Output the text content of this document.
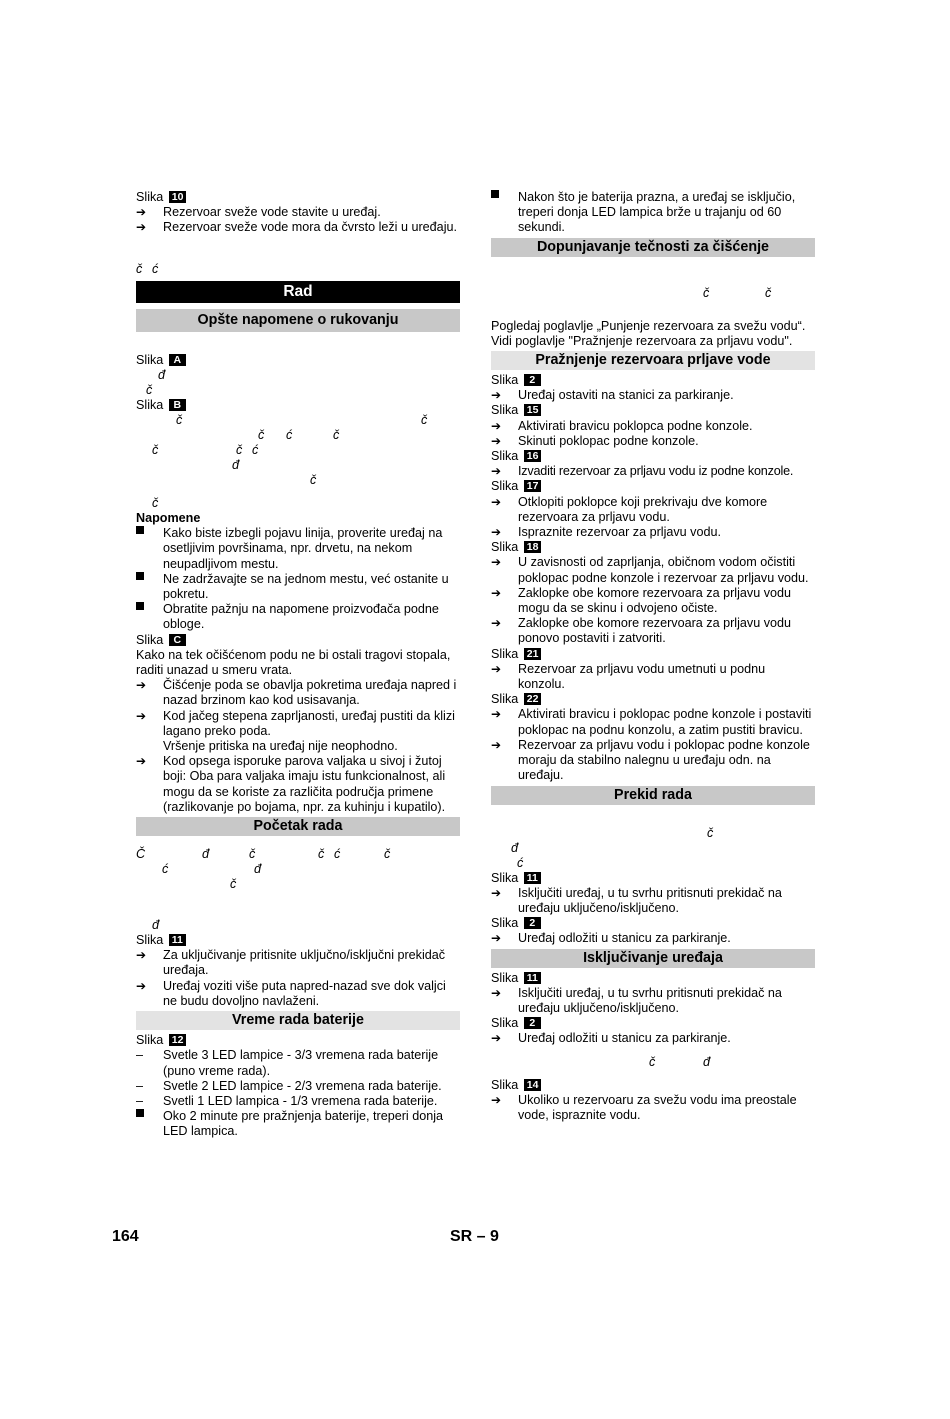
Slika 10

➔ Rezervoar sveže vode stavite u uređaj.
➔ Rezervoar sveže vode mora da čvrsto leži u uređaju.
č ć
Rad
Opšte napomene o rukovanju

Slika A

đ
č

Slika B

č	č
č ć	č
č	č ć
đ
č
č

Napomene

Kako biste izbegli pojavu linija, proverite uređaj na osetljivim površinama, npr. drvetu, na nekom neupadljivom mestu.
Ne zadržavajte se na jednom mestu, već ostanite u pokretu.
Obratite pažnju na napomene proizvođača podne obloge.

Slika C

Kako na tek očišćenom podu ne bi ostali tragovi stopala, raditi unazad u smeru vrata.

➔ Čišćenje poda se obavlja pokretima uređaja napred i nazad brzinom kao kod usisavanja.
➔ Kod jačeg stepena zaprljanosti, uređaj pustiti da klizi lagano preko poda.
Vršenje pritiska na uređaj nije neophodno.
➔ Kod opsega isporuke parova valjaka u sivoj i žutoj boji: Oba para valjaka imaju istu funkcionalnost, ali mogu da se koriste za različita područja primene (razlikovanje po bojama, npr. za kuhinju i kupatilo).
Početak rada
Č	đ	č	č ć	č
ć	đ
č
đ

Slika 11

➔ Za uključivanje pritisnite uključno/isključni prekidač uređaja.
➔ Uređaj voziti više puta napred-nazad sve dok valjci ne budu dovoljno navlaženi.
Vreme rada baterije

Slika 12

– Svetle 3 LED lampice - 3/3 vremena rada baterije (puno vreme rada).
– Svetle 2 LED lampice - 2/3 vremena rada baterije.
– Svetli 1 LED lampica - 1/3 vremena rada baterije.
Oko 2 minute pre pražnjenja baterije, treperi donja LED lampica.
Nakon što je baterija prazna, a uređaj se isključio, treperi donja LED lampica brže u trajanju od 60 sekundi.
Dopunjavanje tečnosti za čišćenje
č	č

Pogledaj poglavlje „Punjenje rezervoara za svežu vodu“.

Vidi poglavlje "Pražnjenje rezervoara za prljavu vodu".

Pražnjenje rezervoara prljave vode

Slika 2

➔ Uređaj ostaviti na stanici za parkiranje.

Slika 15

➔ Aktivirati bravicu poklopca podne konzole.
➔ Skinuti poklopac podne konzole.

Slika 16

➔ Izvaditi rezervoar za prljavu vodu iz podne konzole.

Slika 17

➔ Otklopiti poklopce koji prekrivaju dve komore rezervoara za prljavu vodu.
➔ Ispraznite rezervoar za prljavu vodu.

Slika 18

➔ U zavisnosti od zaprljanja, običnom vodom očistiti poklopac podne konzole i rezervoar za prljavu vodu.
➔ Zaklopke obe komore rezervoara za prljavu vodu mogu da se skinu i odvojeno očiste.
➔ Zaklopke obe komore rezervoara za prljavu vodu ponovo postaviti i zatvoriti.

Slika 21

➔ Rezervoar za prljavu vodu umetnuti u podnu konzolu.

Slika 22

➔ Aktivirati bravicu i poklopac podne konzole i postaviti poklopac na podnu konzolu, a zatim pustiti bravicu.
➔ Rezervoar za prljavu vodu i poklopac podne konzole moraju da stabilno nalegnu u uređaju odn. na uređaju.
Prekid rada
č
đ
ć

Slika 11

➔ Isključiti uređaj, u tu svrhu pritisnuti prekidač na uređaju uključeno/isključeno.

Slika 2

➔ Uređaj odložiti u stanicu za parkiranje.
Isključivanje uređaja

Slika 11

➔ Isključiti uređaj, u tu svrhu pritisnuti prekidač na uređaju uključeno/isključeno.

Slika 2

➔ Uređaj odložiti u stanicu za parkiranje.
č	đ

Slika 14

➔ Ukoliko u rezervoaru za svežu vodu ima preostale vode, ispraznite vodu.
164	SR – 9
